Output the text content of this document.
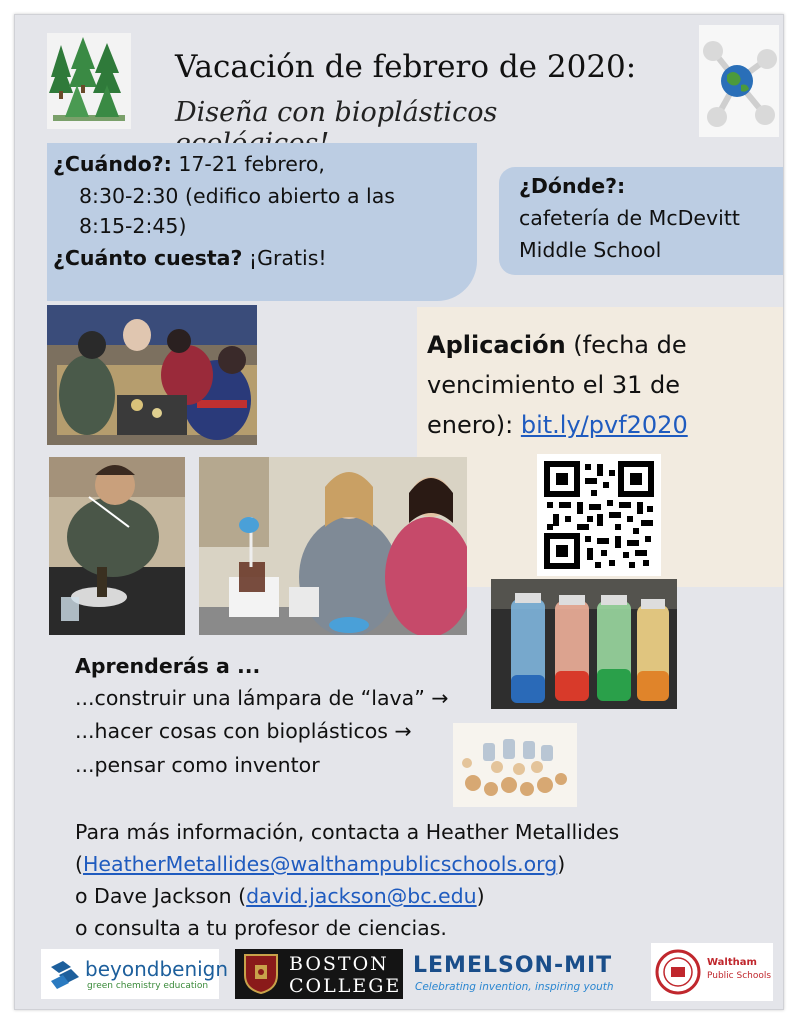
Vacación de febrero de 2020:
Diseña con bioplásticos
¿Cuándo?: 17-21 febrero,
8:30-2:30 (edifico abierto a las
8:15-2:45)
¿Cuánto cuesta? ¡Gratis!
¿Dónde?:
cafetería de McDevitt
Middle School
Aplicación (fecha de
vencimiento el 31 de
enero): bit.ly/pvf2020
Aprenderás a ...
...construir una lámpara de “lava” →
...hacer cosas con bioplásticos →
...pensar como inventor
Para más información, contacta a Heather Metallides
(HeatherMetallides@walthampublicschools.org)
o Dave Jackson (david.jackson@bc.edu)
o consulta a tu profesor de ciencias.
beyondbenign
green chemistry education
BOSTON
COLLEGE
LEMELSON-MIT
Celebrating invention, inspiring youth
Waltham
Public Schools
